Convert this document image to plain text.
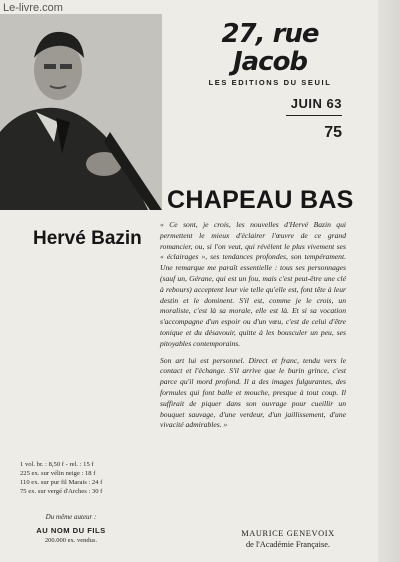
Le-livre.com
27, rue Jacob
LES EDITIONS DU SEUIL
JUIN 63
75
CHAPEAU BAS
Hervé Bazin

« Ce sont, je crois, les nouvelles d'Hervé Bazin qui permettent le mieux d'éclairer l'œuvre de ce grand romancier, ou, si l'on veut, qui révèlent le plus vivement ses « éclairages », ses tendances profondes, son tempérament. Une remarque me paraît essentielle : tous ses personnages (sauf un, Gérane, qui est un fou, mais c'est peut-être une clé à rebours) acceptent leur vie telle qu'elle est, font tête à leur destin et le dominent. S'il est, comme je le crois, un moraliste, c'est là sa morale, elle est là. Et si sa vocation s'accompagne d'un espoir ou d'un vœu, c'est de celui d'être tonique et du désavouir, quitte à les bousculer un peu, ses pitoyables contemporains.

Son art lui est personnel. Direct et franc, tendu vers le contact et l'échange. S'il arrive que le burin grince, c'est parce qu'il mord profond. Il a des images fulgurantes, des formules qui font balle et mouche, presque à tout coup. Il suffirait de piquer dans son ouvrage pour cueillir un bouquet sauvage, d'une verdeur, d'un jaillissement, d'une vivacité admirables. »

MAURICE GENEVOIX
de l'Académie Française.
1 vol. br. : 8,50 f - rel. : 15 f
225 ex. sur vélin neige : 18 f
110 ex. sur pur fil Marais : 24 f
75 ex. sur vergé d'Arches : 30 f
Du même auteur :
AU NOM DU FILS
200.000 ex. vendus.
